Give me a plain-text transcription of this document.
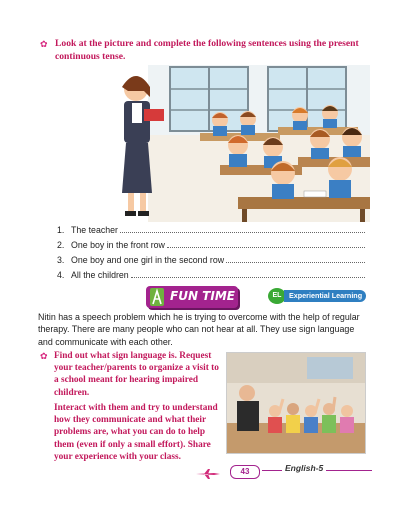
✿ Look at the picture and complete the following sentences using the present continuous tense.
1. The teacher
2. One boy in the front row
3. One boy and one girl in the second row
4. All the children
FUN TIME	EL	Experiential Learning
Nitin has a speech problem which he is trying to overcome with the help of regular therapy. There are many people who can not hear at all. They use sign language and communicate with each other.
✿ Find out what sign language is. Request your teacher/parents to organize a visit to a school meant for hearing impaired children.
Interact with them and try to understand how they communicate and what their problems are, what you can do to help them (even if only a small effort). Share your experience with your class.
43	English-5
